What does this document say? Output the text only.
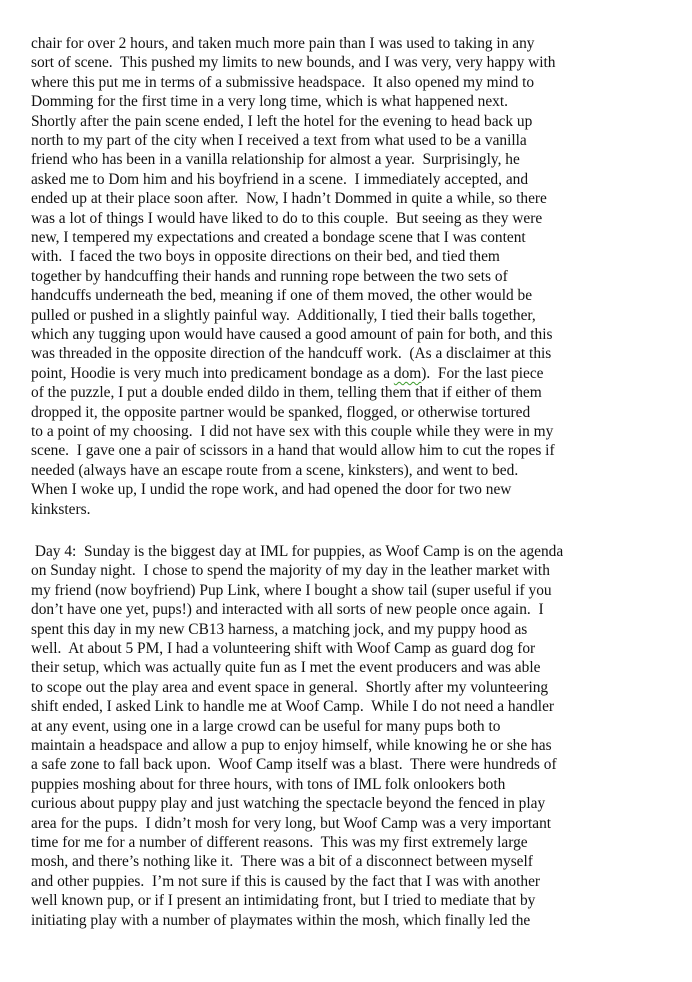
chair for over 2 hours, and taken much more pain than I was used to taking in any
sort of scene.  This pushed my limits to new bounds, and I was very, very happy with
where this put me in terms of a submissive headspace.  It also opened my mind to
Domming for the first time in a very long time, which is what happened next.
Shortly after the pain scene ended, I left the hotel for the evening to head back up
north to my part of the city when I received a text from what used to be a vanilla
friend who has been in a vanilla relationship for almost a year.  Surprisingly, he
asked me to Dom him and his boyfriend in a scene.  I immediately accepted, and
ended up at their place soon after.  Now, I hadn’t Dommed in quite a while, so there
was a lot of things I would have liked to do to this couple.  But seeing as they were
new, I tempered my expectations and created a bondage scene that I was content
with.  I faced the two boys in opposite directions on their bed, and tied them
together by handcuffing their hands and running rope between the two sets of
handcuffs underneath the bed, meaning if one of them moved, the other would be
pulled or pushed in a slightly painful way.  Additionally, I tied their balls together,
which any tugging upon would have caused a good amount of pain for both, and this
was threaded in the opposite direction of the handcuff work.  (As a disclaimer at this
point, Hoodie is very much into predicament bondage as a dom).  For the last piece
of the puzzle, I put a double ended dildo in them, telling them that if either of them
dropped it, the opposite partner would be spanked, flogged, or otherwise tortured
to a point of my choosing.  I did not have sex with this couple while they were in my
scene.  I gave one a pair of scissors in a hand that would allow him to cut the ropes if
needed (always have an escape route from a scene, kinksters), and went to bed.
When I woke up, I undid the rope work, and had opened the door for two new
kinksters.
Day 4:  Sunday is the biggest day at IML for puppies, as Woof Camp is on the agenda
on Sunday night.  I chose to spend the majority of my day in the leather market with
my friend (now boyfriend) Pup Link, where I bought a show tail (super useful if you
don’t have one yet, pups!) and interacted with all sorts of new people once again.  I
spent this day in my new CB13 harness, a matching jock, and my puppy hood as
well.  At about 5 PM, I had a volunteering shift with Woof Camp as guard dog for
their setup, which was actually quite fun as I met the event producers and was able
to scope out the play area and event space in general.  Shortly after my volunteering
shift ended, I asked Link to handle me at Woof Camp.  While I do not need a handler
at any event, using one in a large crowd can be useful for many pups both to
maintain a headspace and allow a pup to enjoy himself, while knowing he or she has
a safe zone to fall back upon.  Woof Camp itself was a blast.  There were hundreds of
puppies moshing about for three hours, with tons of IML folk onlookers both
curious about puppy play and just watching the spectacle beyond the fenced in play
area for the pups.  I didn’t mosh for very long, but Woof Camp was a very important
time for me for a number of different reasons.  This was my first extremely large
mosh, and there’s nothing like it.  There was a bit of a disconnect between myself
and other puppies.  I’m not sure if this is caused by the fact that I was with another
well known pup, or if I present an intimidating front, but I tried to mediate that by
initiating play with a number of playmates within the mosh, which finally led the
